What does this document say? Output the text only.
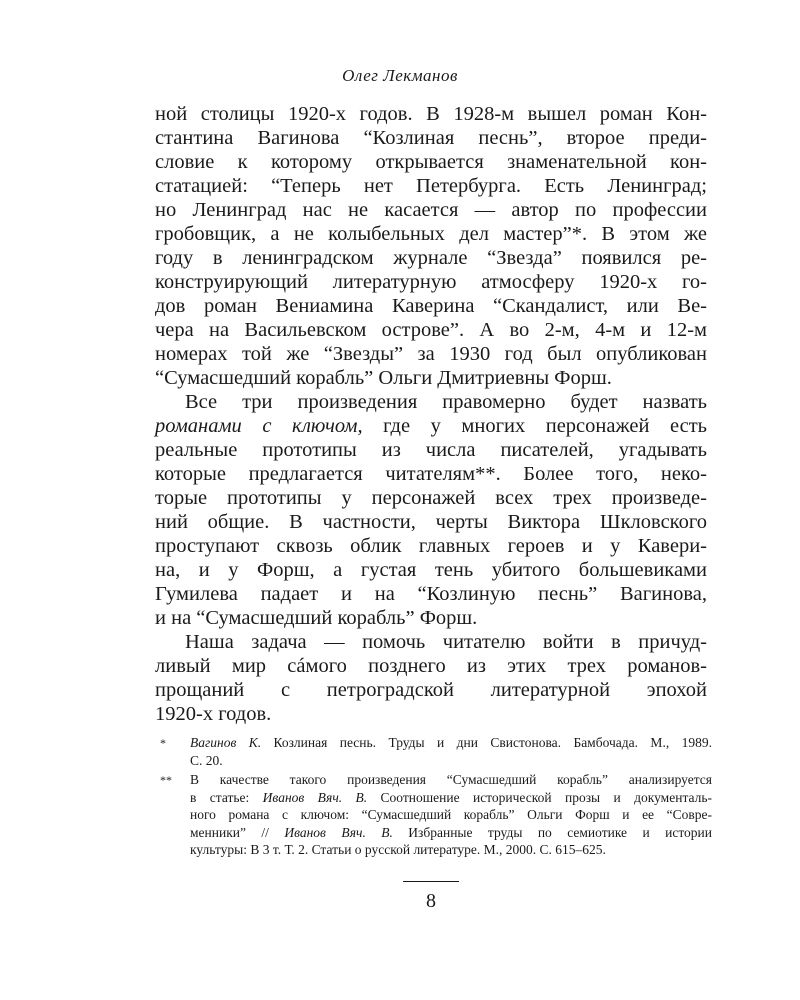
Олег Лекманов
ной столицы 1920-х годов. В 1928-м вышел роман Кон-
стантина Вагинова “Козлиная песнь”, второе преди-
словие к которому открывается знаменательной кон-
статацией: “Теперь нет Петербурга. Есть Ленинград;
но Ленинград нас не касается — автор по профессии
гробовщик, а не колыбельных дел мастер”*. В этом же
году в ленинградском журнале “Звезда” появился ре-
конструирующий литературную атмосферу 1920-х го-
дов роман Вениамина Каверина “Скандалист, или Ве-
чера на Васильевском острове”. А во 2-м, 4-м и 12-м
номерах той же “Звезды” за 1930 год был опубликован
“Сумасшедший корабль” Ольги Дмитриевны Форш.
Все три произведения правомерно будет назвать
романами с ключом, где у многих персонажей есть
реальные прототипы из числа писателей, угадывать
которые предлагается читателям**. Более того, неко-
торые прототипы у персонажей всех трех произведе-
ний общие. В частности, черты Виктора Шкловского
проступают сквозь облик главных героев и у Кавери-
на, и у Форш, а густая тень убитого большевиками
Гумилева падает и на “Козлиную песнь” Вагинова,
и на “Сумасшедший корабль” Форш.
Наша задача — помочь читателю войти в причуд-
ливый мир сáмого позднего из этих трех романов-
прощаний с петроградской литературной эпохой
1920-х годов.
* Вагинов К. Козлиная песнь. Труды и дни Свистонова. Бамбочада. М., 1989.
С. 20.
** В качестве такого произведения “Сумасшедший корабль” анализируется
в статье: Иванов Вяч. В. Соотношение исторической прозы и документаль-
ного романа с ключом: “Сумасшедший корабль” Ольги Форш и ее “Совре-
менники” // Иванов Вяч. В. Избранные труды по семиотике и истории
культуры: В 3 т. Т. 2. Статьи о русской литературе. М., 2000. С. 615–625.
8
